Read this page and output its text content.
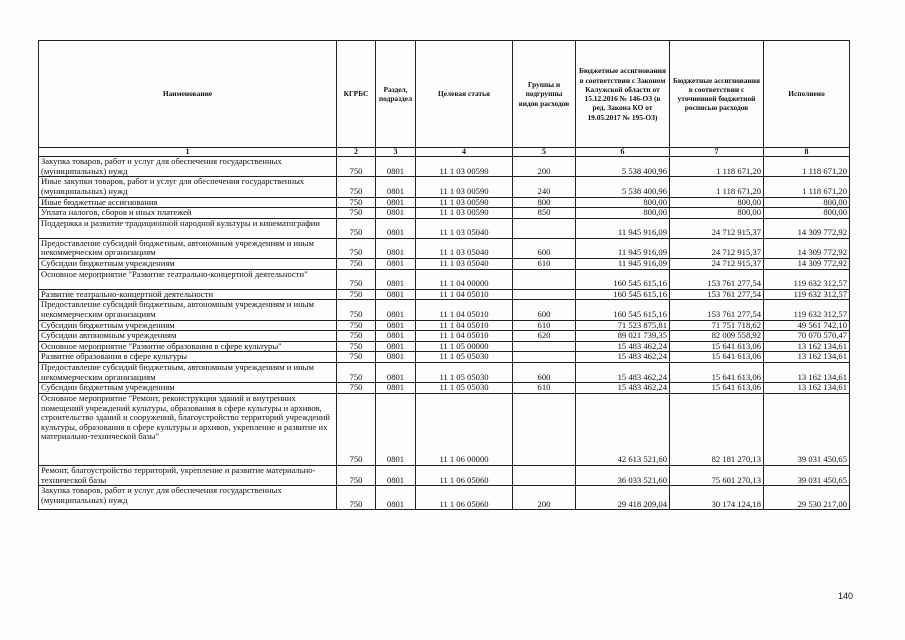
Наименование	КГРБС	Раздел, подраздел	Целевая статья	Группы и подгруппы видов расходов	Бюджетные ассигнования в соответствии с Законом Калужской области от 15.12.2016 № 146-ОЗ (в ред. Закона КО от 19.05.2017 № 195-ОЗ)	Бюджетные ассигнования в соответствии с уточненной бюджетной росписью расходов	Исполнено
1	2	3	4	5	6	7	8
Закупка товаров, работ и услуг для обеспечения государственных (муниципальных) нужд	750	0801	11 1 03 00590	200	5 538 400,96	1 118 671,20	1 118 671,20
Иные закупки товаров, работ и услуг для обеспечения государственных (муниципальных) нужд	750	0801	11 1 03 00590	240	5 538 400,96	1 118 671,20	1 118 671,20
Иные бюджетные ассигнования	750	0801	11 1 03 00590	800	800,00	800,00	800,00
Уплата налогов, сборов и иных платежей	750	0801	11 1 03 00590	850	800,00	800,00	800,00
Поддержка и развитие традиционной народной культуры и кинематографии	750	0801	11 1 03 05040		11 945 916,09	24 712 915,37	14 309 772,92
Предоставление субсидий бюджетным, автономным учреждениям и иным некоммерческим организациям	750	0801	11 1 03 05040	600	11 945 916,09	24 712 915,37	14 309 772,92
Субсидии бюджетным учреждениям	750	0801	11 1 03 05040	610	11 945 916,09	24 712 915,37	14 309 772,92
Основное мероприятие "Развитие театрально-концертной деятельности"	750	0801	11 1 04 00000		160 545 615,16	153 761 277,54	119 632 312,57
Развитие театрально-концертной деятельности	750	0801	11 1 04 05010		160 545 615,16	153 761 277,54	119 632 312,57
Предоставление субсидий бюджетным, автономным учреждениям и иным некоммерческим организациям	750	0801	11 1 04 05010	600	160 545 615,16	153 761 277,54	119 632 312,57
Субсидии бюджетным учреждениям	750	0801	11 1 04 05010	610	71 523 875,81	71 751 718,62	49 561 742,10
Субсидии автономным учреждениям	750	0801	11 1 04 05010	620	89 021 739,35	82 009 558,92	70 070 570,47
Основное мероприятие "Развитие образования в сфере культуры"	750	0801	11 1 05 00000		15 483 462,24	15 641 613,06	13 162 134,61
Развитие образования в сфере культуры	750	0801	11 1 05 05030		15 483 462,24	15 641 613,06	13 162 134,61
Предоставление субсидий бюджетным, автономным учреждениям и иным некоммерческим организациям	750	0801	11 1 05 05030	600	15 483 462,24	15 641 613,06	13 162 134,61
Субсидии бюджетным учреждениям	750	0801	11 1 05 05030	610	15 483 462,24	15 641 613,06	13 162 134,61
Основное мероприятие "Ремонт, реконструкция зданий и внутренних помещений учреждений культуры, образования в сфере культуры и архивов, строительство зданий и сооружений, благоустройство территорий учреждений культуры, образования в сфере культуры и архивов, укрепление и развитие их материально-технической базы"	750	0801	11 1 06 00000		42 613 521,60	82 181 270,13	39 031 450,65
Ремонт, благоустройство территорий, укрепление и развитие материально-технической базы	750	0801	11 1 06 05060		36 033 521,60	75 601 270,13	39 031 450,65
Закупка товаров, работ и услуг для обеспечения государственных (муниципальных) нужд	750	0801	11 1 06 05060	200	29 418 209,04	30 174 124,18	29 530 217,00
140
